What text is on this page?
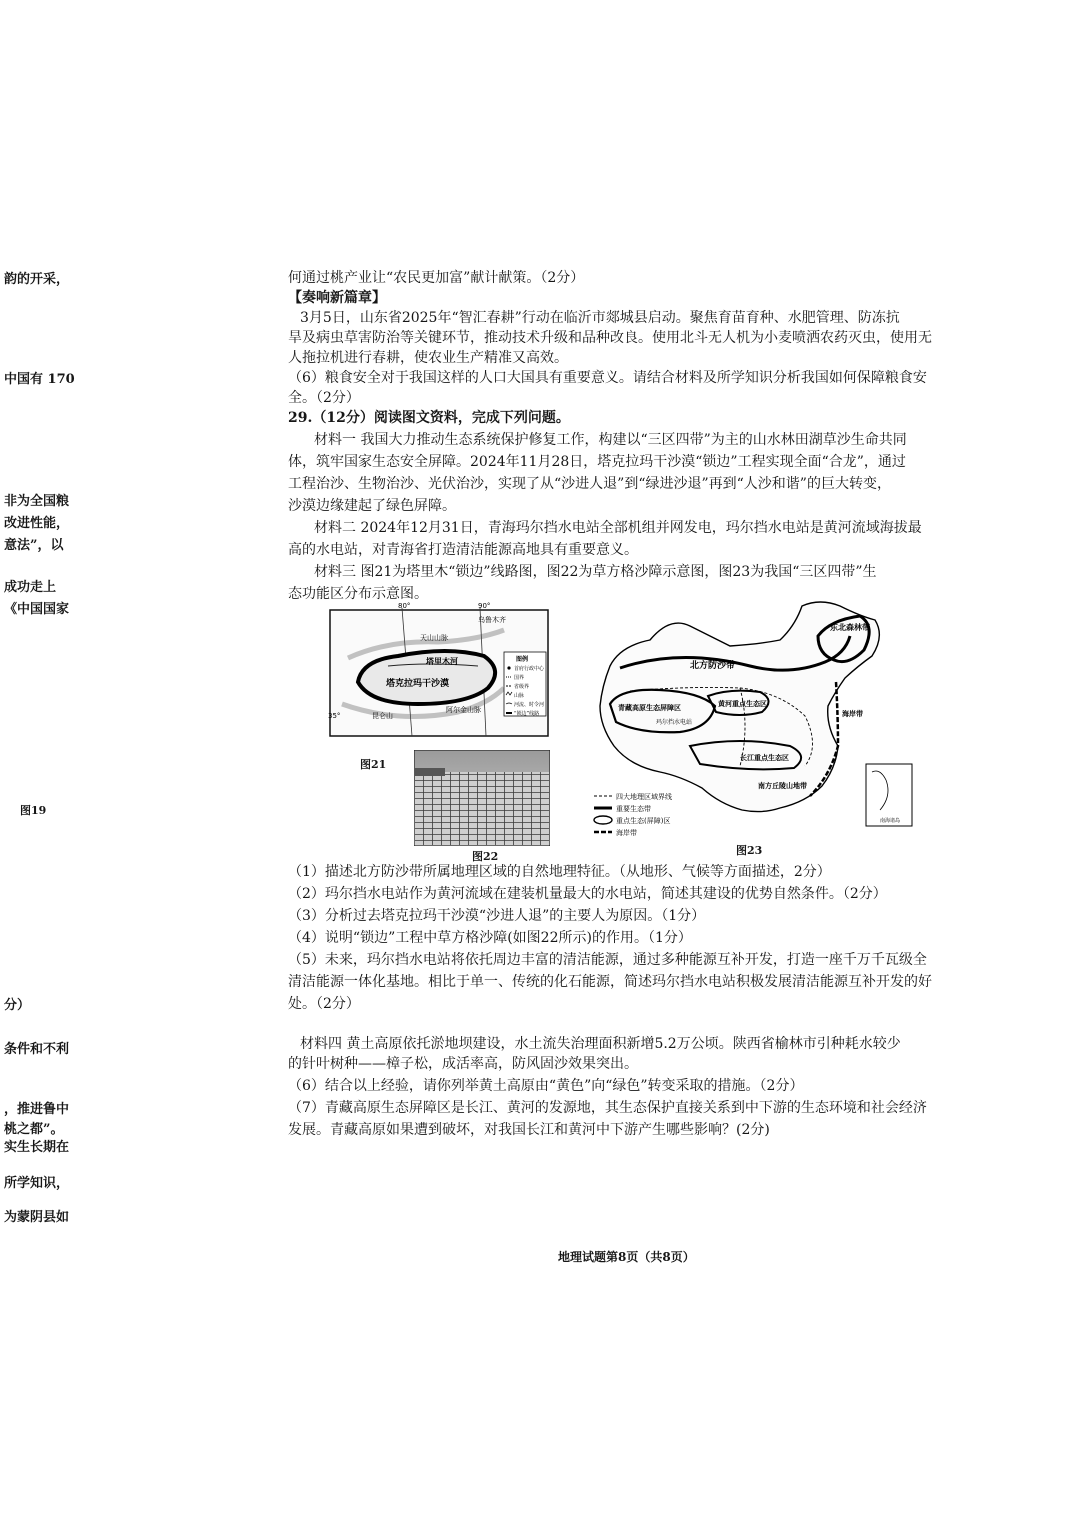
韵的开采，
中国有 170
非为全国粮
改进性能，
意法”，以
成功走上
《中国国家
图19
分）
条件和不利
，推进鲁中
桃之都”。
实生长期在
所学知识，
为蒙阴县如
何通过桃产业让“农民更加富”献计献策。（2分）
【奏响新篇章】
3月5日，山东省2025年“智汇春耕”行动在临沂市郯城县启动。聚焦育苗育种、水肥管理、防冻抗
旱及病虫草害防治等关键环节，推动技术升级和品种改良。使用北斗无人机为小麦喷洒农药灭虫，使用无
人拖拉机进行春耕，使农业生产精准又高效。
（6）粮食安全对于我国这样的人口大国具有重要意义。请结合材料及所学知识分析我国如何保障粮食安
全。（2分）
29.（12分）阅读图文资料，完成下列问题。
材料一 我国大力推动生态系统保护修复工作，构建以“三区四带”为主的山水林田湖草沙生命共同
体，筑牢国家生态安全屏障。2024年11月28日，塔克拉玛干沙漠“锁边”工程实现全面“合龙”，通过
工程治沙、生物治沙、光伏治沙，实现了从“沙进人退”到“绿进沙退”再到“人沙和谐”的巨大转变，
沙漠边缘建起了绿色屏障。
材料二 2024年12月31日，青海玛尔挡水电站全部机组并网发电，玛尔挡水电站是黄河流域海拔最
高的水电站，对青海省打造清洁能源高地具有重要意义。
材料三 图21为塔里木“锁边”线路图，图22为草方格沙障示意图，图23为我国“三区四带”生
态功能区分布示意图。
80°	90°
35°
乌鲁木齐
天山山脉
塔里木河
塔克拉玛干沙漠
阿尔金山脉
昆仑山
图例
首府行政中心
国界
省级界
山脉
河流、时令河
“锁边”线路
图21
图22
南海诸岛
东北森林带
北方防沙带
青藏高原生态屏障区	黄河重点生态区
玛尔挡水电站
长江重点生态区
南方丘陵山地带
海岸带
四大地理区域界线
重要生态带
重点生态(屏障)区
海岸带
图23
（1）描述北方防沙带所属地理区域的自然地理特征。（从地形、气候等方面描述，2分）
（2）玛尔挡水电站作为黄河流域在建装机量最大的水电站，简述其建设的优势自然条件。（2分）
（3）分析过去塔克拉玛干沙漠“沙进人退”的主要人为原因。（1分）
（4）说明“锁边”工程中草方格沙障(如图22所示)的作用。（1分）
（5）未来，玛尔挡水电站将依托周边丰富的清洁能源，通过多种能源互补开发，打造一座千万千瓦级全
清洁能源一体化基地。相比于单一、传统的化石能源，简述玛尔挡水电站积极发展清洁能源互补开发的好
处。（2分）
材料四 黄土高原依托淤地坝建设，水土流失治理面积新增5.2万公顷。陕西省榆林市引种耗水较少
的针叶树种——樟子松，成活率高，防风固沙效果突出。
（6）结合以上经验，请你列举黄土高原由“黄色”向“绿色”转变采取的措施。（2分）
（7）青藏高原生态屏障区是长江、黄河的发源地，其生态保护直接关系到中下游的生态环境和社会经济
发展。青藏高原如果遭到破坏，对我国长江和黄河中下游产生哪些影响？(2分)
地理试题第8页（共8页）
